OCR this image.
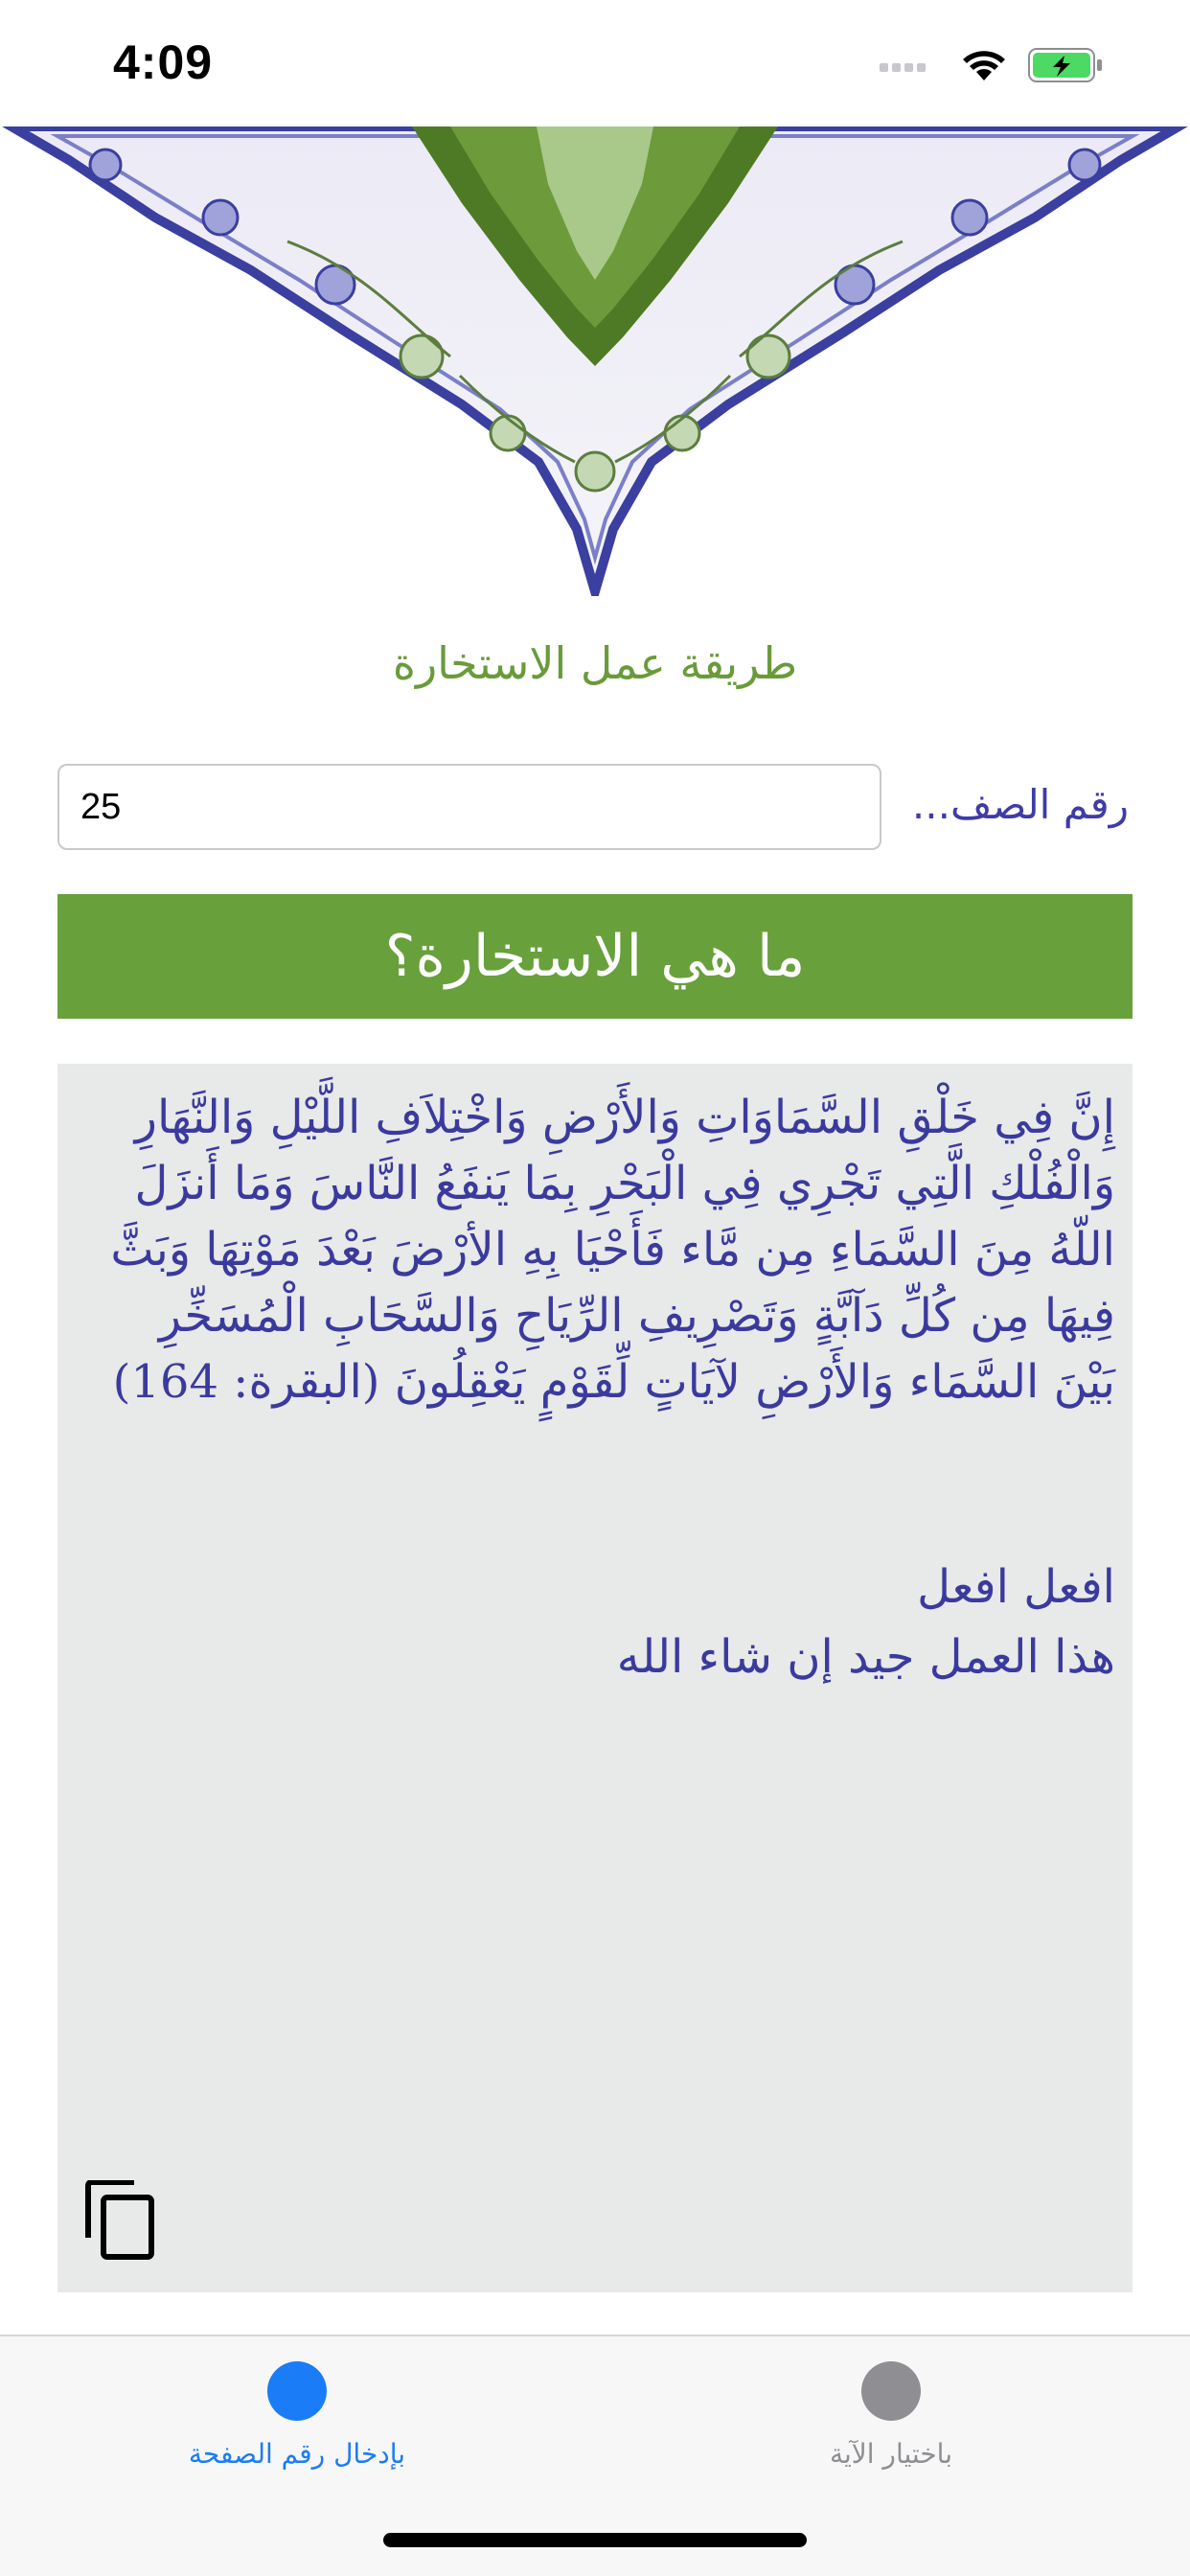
4:09
طريقة عمل الاستخارة
رقم الصف...
25
ما هي الاستخارة؟
إِنَّ فِي خَلْقِ السَّمَاوَاتِ وَالأَرْضِ وَاخْتِلاَفِ اللَّيْلِ وَالنَّهَارِ وَالْفُلْكِ الَّتِي تَجْرِي فِي الْبَحْرِ بِمَا يَنفَعُ النَّاسَ وَمَا أَنزَلَ اللّهُ مِنَ السَّمَاءِ مِن مَّاء فَأَحْيَا بِهِ الأرْضَ بَعْدَ مَوْتِهَا وَبَثَّ فِيهَا مِن كُلِّ دَآبَّةٍ وَتَصْرِيفِ الرِّيَاحِ وَالسَّحَابِ الْمُسَخِّرِ بَيْنَ السَّمَاء وَالأَرْضِ لآيَاتٍ لِّقَوْمٍ يَعْقِلُونَ (البقرة: 164)
افعل افعل
هذا العمل جيد إن شاء الله
بإدخال رقم الصفحة	باختيار الآية
